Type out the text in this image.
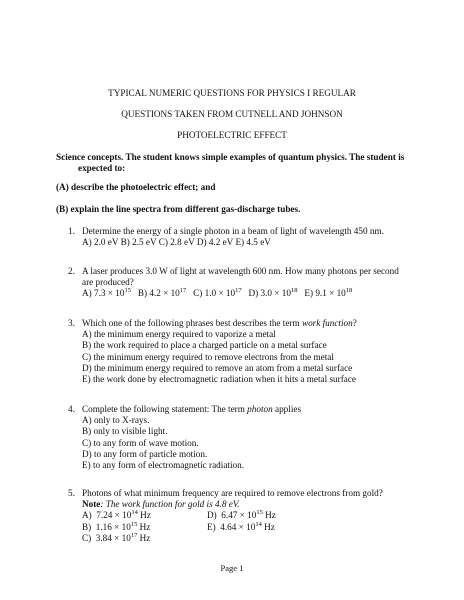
TYPICAL NUMERIC QUESTIONS FOR PHYSICS I REGULAR
QUESTIONS TAKEN FROM CUTNELL AND JOHNSON
PHOTOELECTRIC EFFECT
Science concepts. The student knows simple examples of quantum physics. The student is
expected to:
(A) describe the photoelectric effect; and
(B) explain the line spectra from different gas-discharge tubes.
1. Determine the energy of a single photon in a beam of light of wavelength 450 nm.
A) 2.0 eV B) 2.5 eV C) 2.8 eV D) 4.2 eV E) 4.5 eV
2. A laser produces 3.0 W of light at wavelength 600 nm. How many photons per second
are produced?
A) $7.3 \times 10^{15}$ B) $4.2 \times 10^{17}$ C) $1.0 \times 10^{17}$ D) $3.0 \times 10^{18}$ E) $9.1 \times 10^{18}$
3. Which one of the following phrases best describes the term work function?
A) the minimum energy required to vaporize a metal
B) the work required to place a charged particle on a metal surface
C) the minimum energy required to remove electrons from the metal
D) the minimum energy required to remove an atom from a metal surface
E) the work done by electromagnetic radiation when it hits a metal surface
4. Complete the following statement: The term photon applies
A) only to X-rays.
B) only to visible light.
C) to any form of wave motion.
D) to any form of particle motion.
E) to any form of electromagnetic radiation.
5. Photons of what minimum frequency are required to remove electrons from gold?
Note: The work function for gold is 4.8 eV.
A) $7.24 \times 10^{14}$ Hz	D) $6.47 \times 10^{15}$ Hz
B) $1.16 \times 10^{15}$ Hz	E) $4.64 \times 10^{14}$ Hz
C) $3.84 \times 10^{17}$ Hz
Page 1
